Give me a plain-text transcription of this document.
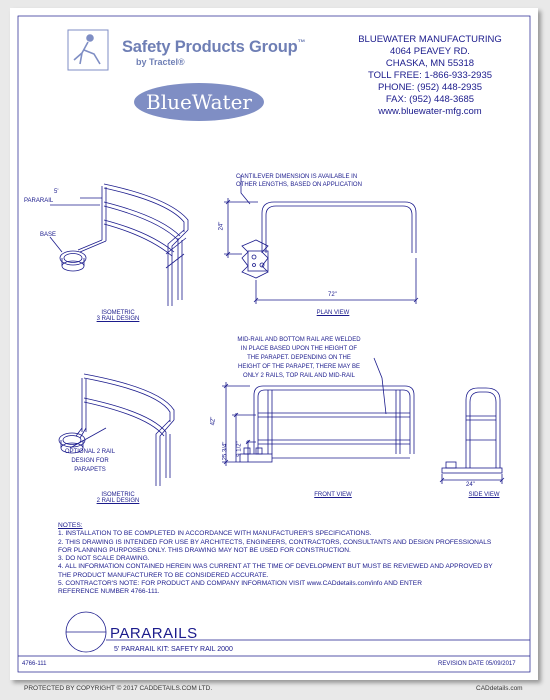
Safety Products Group™
by Tractel®
BlueWater
BLUEWATER MANUFACTURING
4064 PEAVEY RD.
CHASKA, MN 55318
TOLL FREE: 1-866-933-2935
PHONE: (952) 448-2935
FAX: (952) 448-3685
www.bluewater-mfg.com
5'
PARARAIL
BASE
ISOMETRIC
3 RAIL DESIGN
CANTILEVER DIMENSION IS AVAILABLE IN
OTHER LENGTHS, BASED ON APPLICATION
24"
72"
PLAN VIEW
MID-RAIL AND BOTTOM RAIL ARE WELDED
IN PLACE BASED UPON THE HEIGHT OF
THE PARAPET. DEPENDING ON THE
HEIGHT OF THE PARAPET, THERE MAY BE
ONLY 2 RAILS, TOP RAIL AND MID-RAIL
42"
25 3/4" 9 1/2"
FRONT VIEW
24"
SIDE VIEW
OPTIONAL 2 RAIL
DESIGN FOR
PARAPETS
ISOMETRIC
2 RAIL DESIGN
NOTES:
1. INSTALLATION TO BE COMPLETED IN ACCORDANCE WITH MANUFACTURER'S SPECIFICATIONS.
2. THIS DRAWING IS INTENDED FOR USE BY ARCHITECTS, ENGINEERS, CONTRACTORS, CONSULTANTS AND DESIGN PROFESSIONALS
FOR PLANNING PURPOSES ONLY. THIS DRAWING MAY NOT BE USED FOR CONSTRUCTION.
3. DO NOT SCALE DRAWING.
4. ALL INFORMATION CONTAINED HEREIN WAS CURRENT AT THE TIME OF DEVELOPMENT BUT MUST BE REVIEWED AND APPROVED BY
THE PRODUCT MANUFACTURER TO BE CONSIDERED ACCURATE.
5. CONTRACTOR'S NOTE: FOR PRODUCT AND COMPANY INFORMATION VISIT www.CADdetails.com/info AND ENTER
REFERENCE NUMBER 4766-111.
PARARAILS
5' PARARAIL KIT: SAFETY RAIL 2000
4766-111	REVISION DATE 05/09/2017
PROTECTED BY COPYRIGHT © 2017 CADDETAILS.COM LTD.	CADdetails.com
